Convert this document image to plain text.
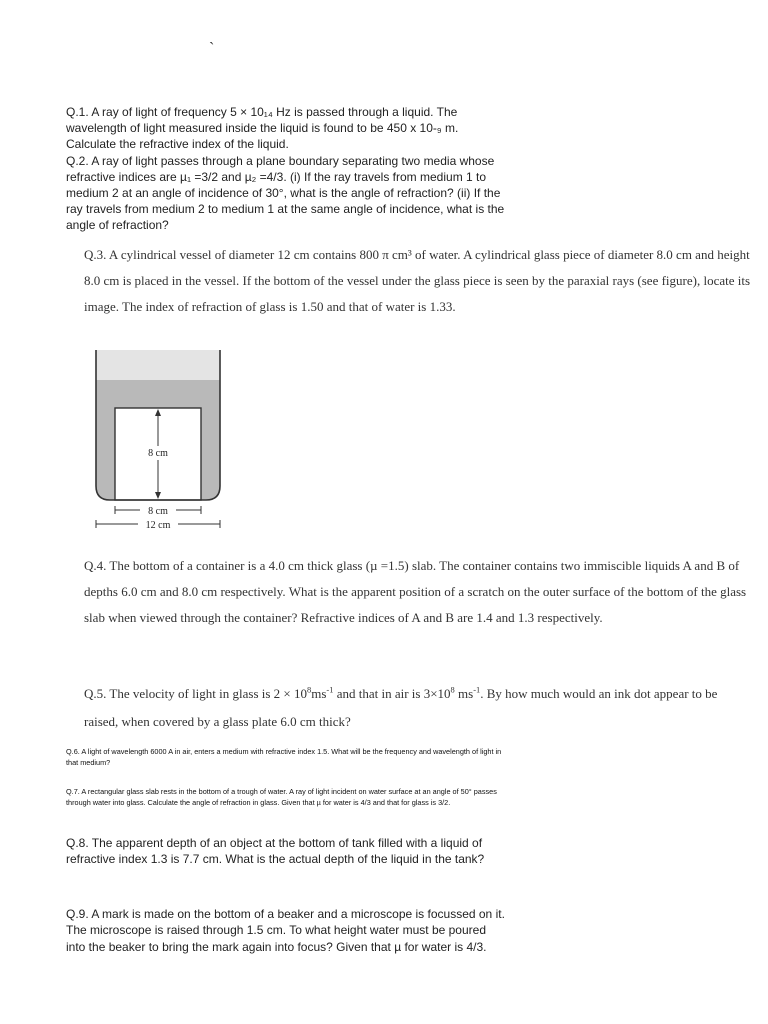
`

Q.1. A ray of light of frequency 5 × 10₁₄ Hz is passed through a liquid. The wavelength of light measured inside the liquid is found to be 450 x 10-₉ m. Calculate the refractive index of the liquid.

Q.2. A ray of light passes through a plane boundary separating two media whose refractive indices are µ₁ =3/2 and µ₂ =4/3. (i) If the ray travels from medium 1 to medium 2 at an angle of incidence of 30°, what is the angle of refraction? (ii) If the ray travels from medium 2 to medium 1 at the same angle of incidence, what is the angle of refraction?

Q.3. A cylindrical vessel of diameter 12 cm contains 800 π cm³ of water. A cylindrical glass piece of diameter 8.0 cm and height 8.0 cm is placed in the vessel. If the bottom of the vessel under the glass piece is seen by the paraxial rays (see figure), locate its image. The index of refraction of glass is 1.50 and that of water is 1.33.

8 cm
8 cm
12 cm

Q.4. The bottom of a container is a 4.0 cm thick glass (µ =1.5) slab. The container contains two immiscible liquids A and B of depths 6.0 cm and 8.0 cm respectively. What is the apparent position of a scratch on the outer surface of the bottom of the glass slab when viewed through the container? Refractive indices of A and B are 1.4 and 1.3 respectively.

Q.5. The velocity of light in glass is $2 \times 10^8ms^{-1}$ and that in air is $3\times 10^8$ $ms^{-1}$. By how much would an ink dot appear to be raised, when covered by a glass plate 6.0 cm thick?

Q.6. A light of wavelength 6000 A in air, enters a medium with refractive index 1.5. What will be the frequency and wavelength of light in that medium?

Q.7. A rectangular glass slab rests in the bottom of a trough of water. A ray of light incident on water surface at an angle of 50° passes through water into glass. Calculate the angle of refraction in glass. Given that µ for water is 4/3 and that for glass is 3/2.

Q.8. The apparent depth of an object at the bottom of tank filled with a liquid of refractive index 1.3 is 7.7 cm. What is the actual depth of the liquid in the tank?

Q.9. A mark is made on the bottom of a beaker and a microscope is focussed on it. The microscope is raised through 1.5 cm. To what height water must be poured into the beaker to bring the mark again into focus? Given that µ for water is 4/3.
